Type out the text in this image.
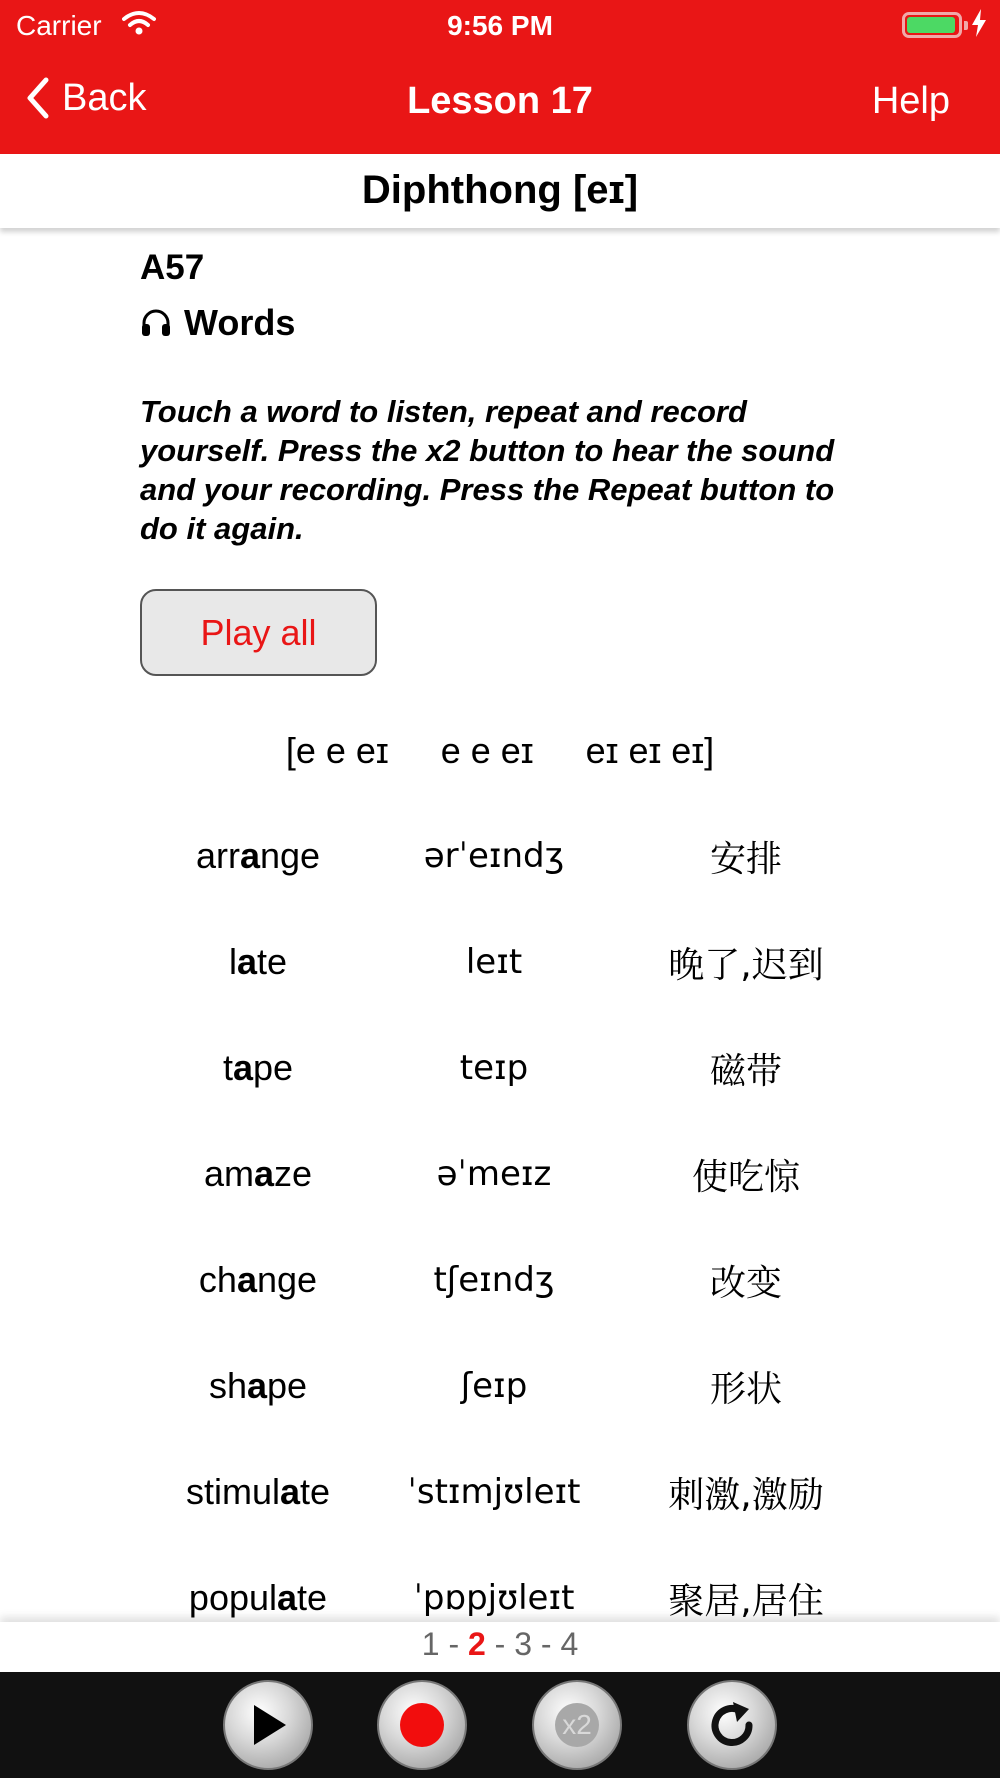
Carrier	9:56 PM
Back	Lesson 17	Help
Diphthong [eɪ]
A57
Words
Touch a word to listen, repeat and record yourself. Press the x2 button to hear the sound and your recording. Press the Repeat button to do it again.
Play all
[e e eɪ e e eɪ eɪ eɪ eɪ]
arrange	ərˈeɪndʒ	安排
late	leɪt	晚了,迟到
tape	teɪp	磁带
amaze	əˈmeɪz	使吃惊
change	tʃeɪndʒ	改变
shape	ʃeɪp	形状
stimulate	ˈstɪmjʊleɪt	刺激,激励
populate	ˈpɒpjʊleɪt	聚居,居住
1 - 2 - 3 - 4
x2
